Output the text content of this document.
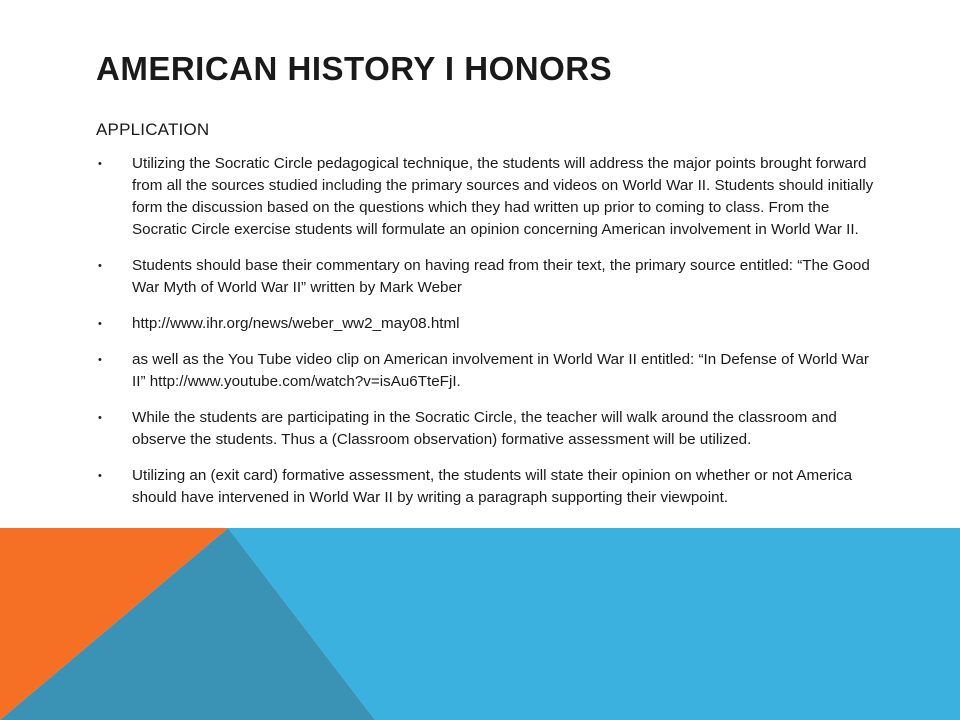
AMERICAN HISTORY I HONORS
APPLICATION
• Utilizing the Socratic Circle pedagogical technique, the students will address the major points brought forward from all the sources studied including the primary sources and videos on World War II. Students should initially form the discussion based on the questions which they had written up prior to coming to class. From the Socratic Circle exercise students will formulate an opinion concerning American involvement in World War II.
• Students should base their commentary on having read from their text, the primary source entitled: “The Good War Myth of World War II” written by Mark Weber
• http://www.ihr.org/news/weber_ww2_may08.html
• as well as the You Tube video clip on American involvement in World War II entitled: “In Defense of World War II” http://www.youtube.com/watch?v=isAu6TteFjI.
• While the students are participating in the Socratic Circle, the teacher will walk around the classroom and observe the students. Thus a (Classroom observation) formative assessment will be utilized.
• Utilizing an (exit card) formative assessment, the students will state their opinion on whether or not America should have intervened in World War II by writing a paragraph supporting their viewpoint.
